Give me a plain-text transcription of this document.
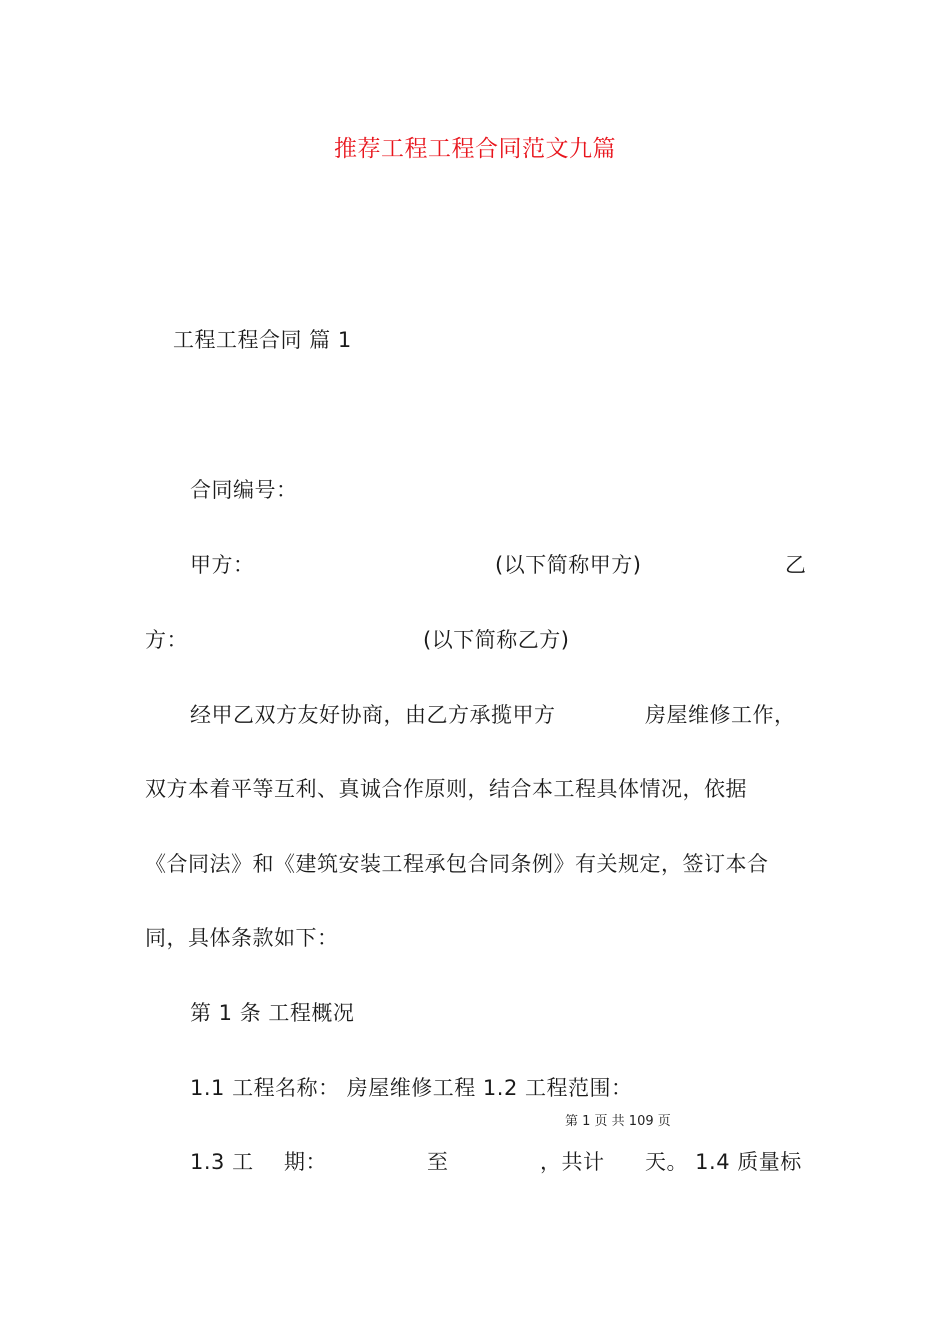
推荐工程工程合同范文九篇
工程工程合同 篇 1
合同编号：
甲方：	(以下简称甲方)	乙
方：	(以下简称乙方)
经甲乙双方友好协商，由乙方承揽甲方	房屋维修工作，
双方本着平等互利、真诚合作原则，结合本工程具体情况，依据
《合同法》和《建筑安装工程承包合同条例》有关规定，签订本合
同，具体条款如下：
第 1 条 工程概况
1.1 工程名称： 房屋维修工程 1.2 工程范围：
第 1 页 共 109 页
1.3 工 期：	至	，共计 天。 1.4 质量标
